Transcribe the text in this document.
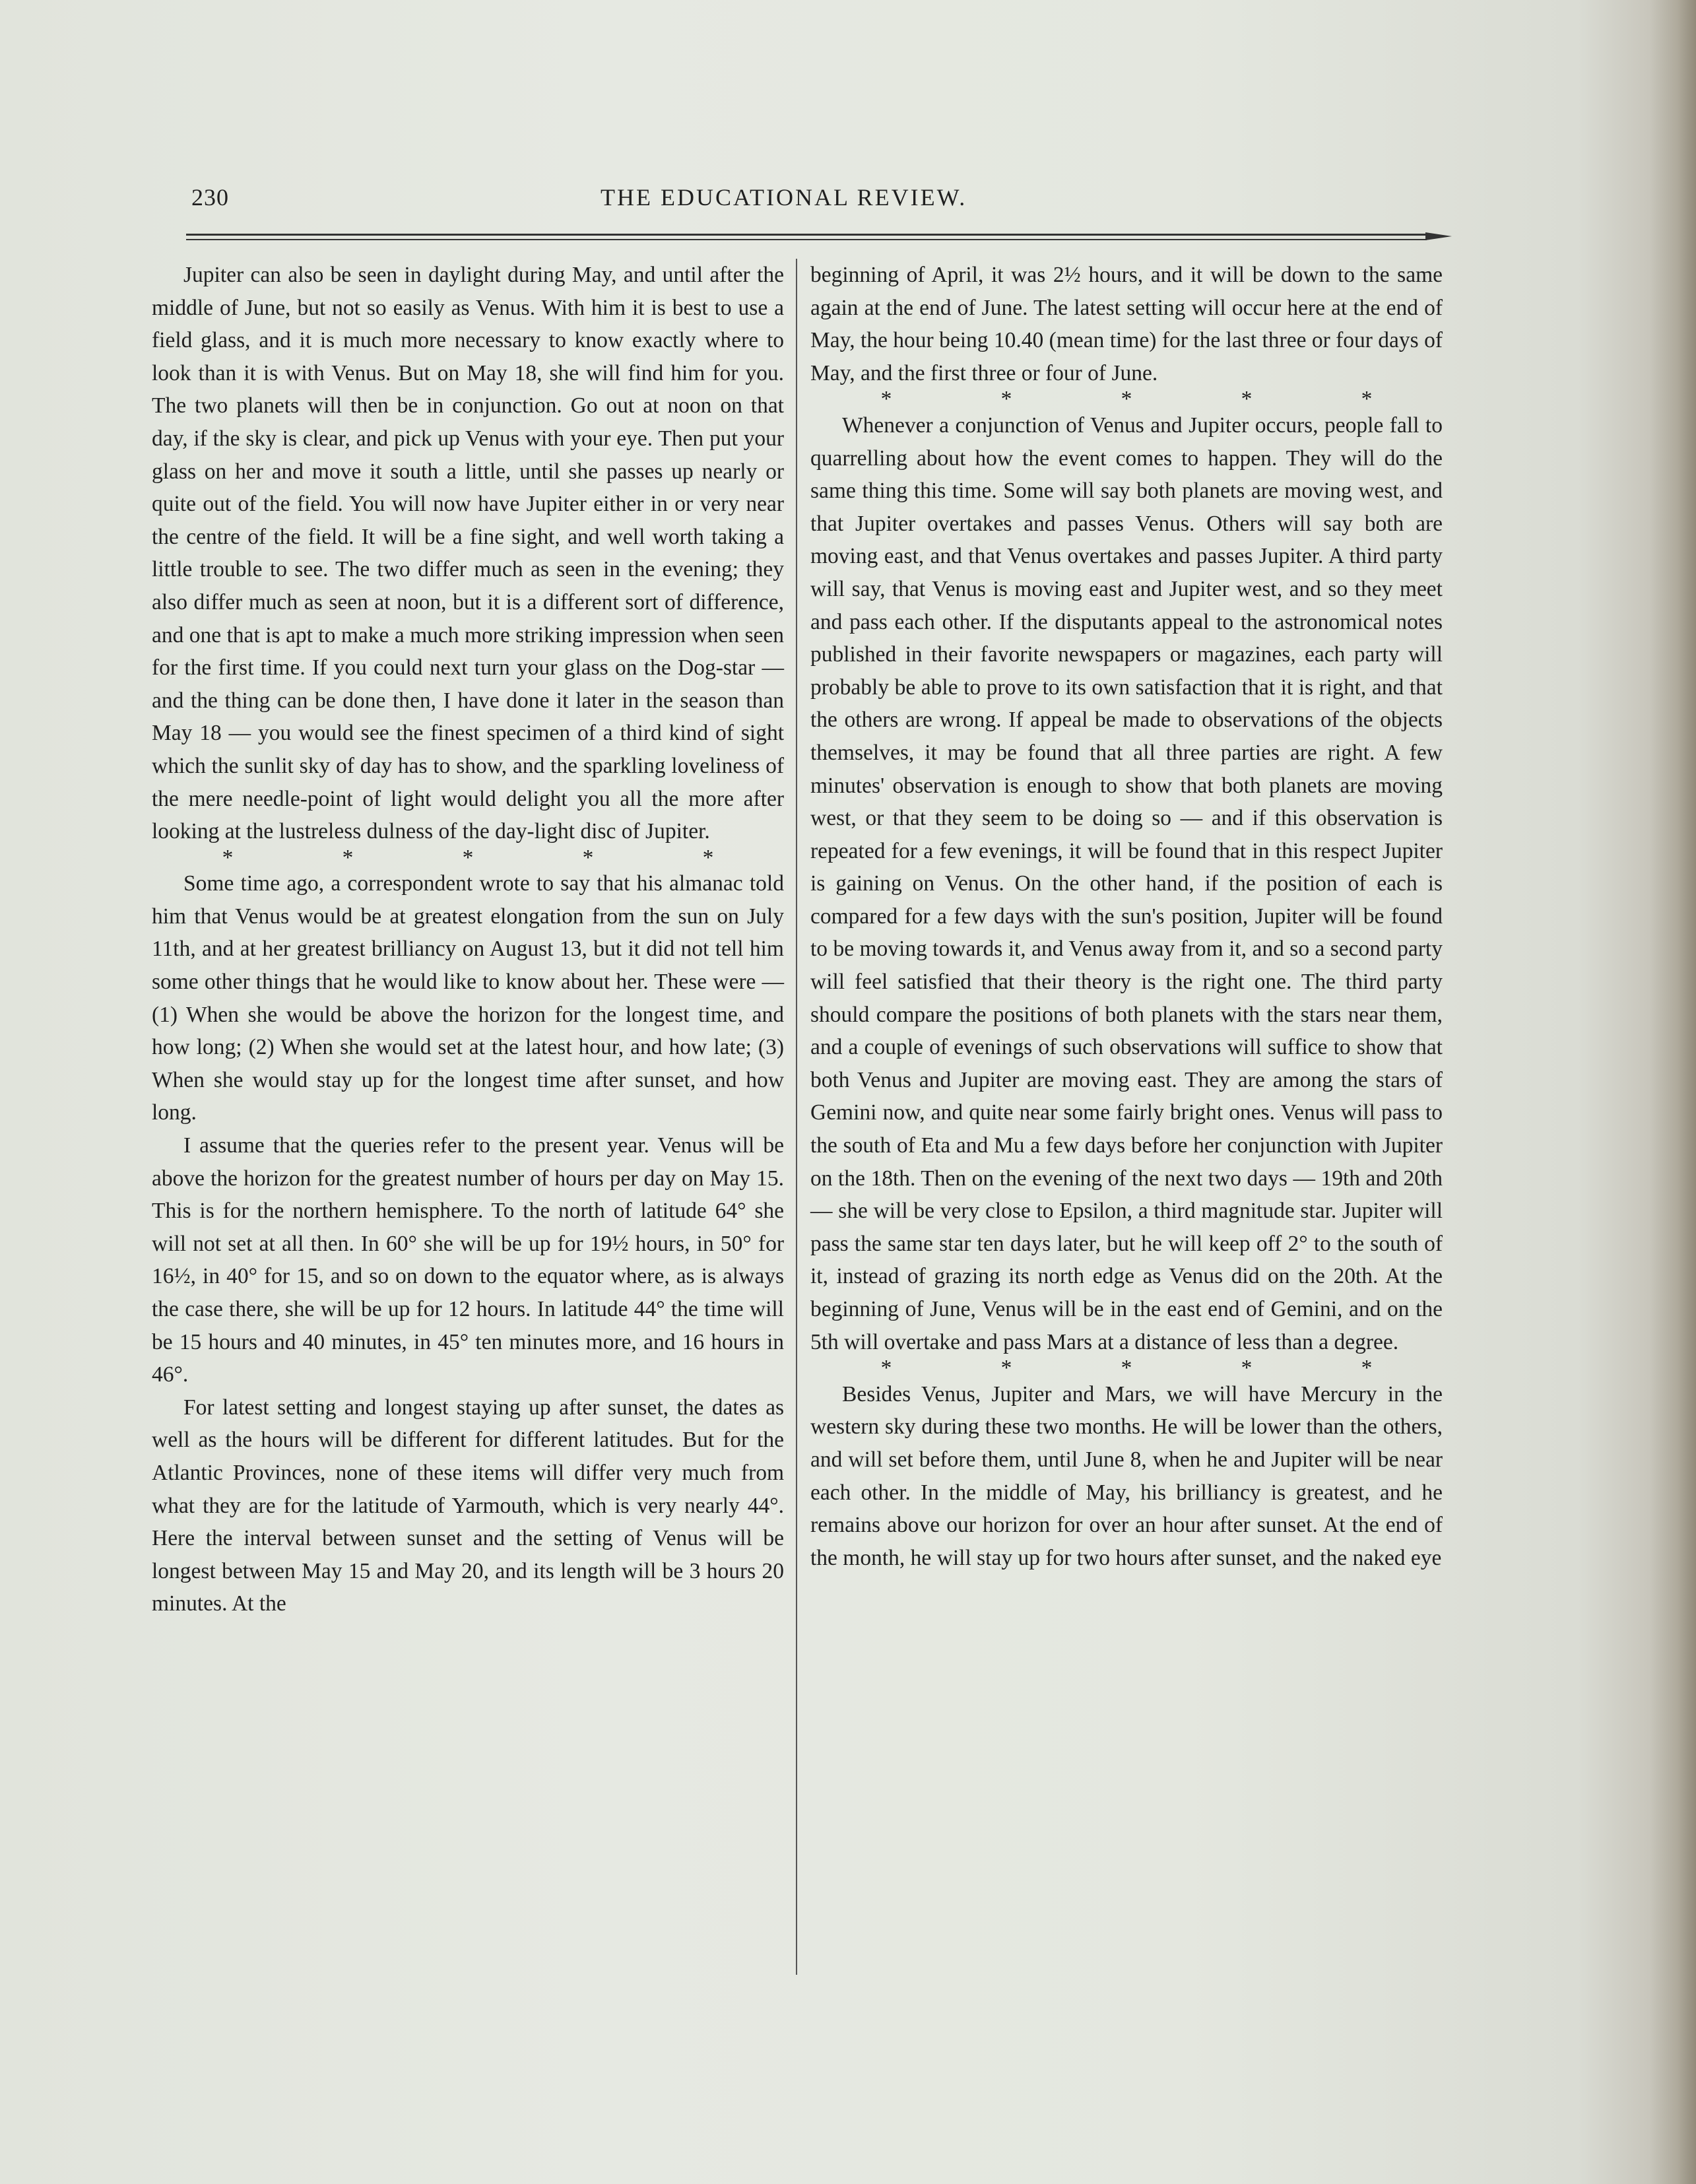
230	THE EDUCATIONAL REVIEW.

Jupiter can also be seen in daylight during May, and until after the middle of June, but not so easily as Venus. With him it is best to use a field glass, and it is much more necessary to know exactly where to look than it is with Venus. But on May 18, she will find him for you. The two planets will then be in conjunction. Go out at noon on that day, if the sky is clear, and pick up Venus with your eye. Then put your glass on her and move it south a little, until she passes up nearly or quite out of the field. You will now have Jupiter either in or very near the centre of the field. It will be a fine sight, and well worth taking a little trouble to see. The two differ much as seen in the evening; they also differ much as seen at noon, but it is a different sort of difference, and one that is apt to make a much more striking impression when seen for the first time. If you could next turn your glass on the Dog-star — and the thing can be done then, I have done it later in the season than May 18 — you would see the finest specimen of a third kind of sight which the sunlit sky of day has to show, and the sparkling loveliness of the mere needle-point of light would delight you all the more after looking at the lustreless dulness of the day-light disc of Jupiter.

*	*	*	*	*

Some time ago, a correspondent wrote to say that his almanac told him that Venus would be at greatest elongation from the sun on July 11th, and at her greatest brilliancy on August 13, but it did not tell him some other things that he would like to know about her. These were — (1) When she would be above the horizon for the longest time, and how long; (2) When she would set at the latest hour, and how late; (3) When she would stay up for the longest time after sunset, and how long.

I assume that the queries refer to the present year. Venus will be above the horizon for the greatest number of hours per day on May 15. This is for the northern hemisphere. To the north of latitude 64° she will not set at all then. In 60° she will be up for 19½ hours, in 50° for 16½, in 40° for 15, and so on down to the equator where, as is always the case there, she will be up for 12 hours. In latitude 44° the time will be 15 hours and 40 minutes, in 45° ten minutes more, and 16 hours in 46°.

For latest setting and longest staying up after sunset, the dates as well as the hours will be different for different latitudes. But for the Atlantic Provinces, none of these items will differ very much from what they are for the latitude of Yarmouth, which is very nearly 44°. Here the interval between sunset and the setting of Venus will be longest between May 15 and May 20, and its length will be 3 hours 20 minutes. At the

beginning of April, it was 2½ hours, and it will be down to the same again at the end of June. The latest setting will occur here at the end of May, the hour being 10.40 (mean time) for the last three or four days of May, and the first three or four of June.

*	*	*	*	*

Whenever a conjunction of Venus and Jupiter occurs, people fall to quarrelling about how the event comes to happen. They will do the same thing this time. Some will say both planets are moving west, and that Jupiter overtakes and passes Venus. Others will say both are moving east, and that Venus overtakes and passes Jupiter. A third party will say, that Venus is moving east and Jupiter west, and so they meet and pass each other. If the disputants appeal to the astronomical notes published in their favorite newspapers or magazines, each party will probably be able to prove to its own satisfaction that it is right, and that the others are wrong. If appeal be made to observations of the objects themselves, it may be found that all three parties are right. A few minutes' observation is enough to show that both planets are moving west, or that they seem to be doing so — and if this observation is repeated for a few evenings, it will be found that in this respect Jupiter is gaining on Venus. On the other hand, if the position of each is compared for a few days with the sun's position, Jupiter will be found to be moving towards it, and Venus away from it, and so a second party will feel satisfied that their theory is the right one. The third party should compare the positions of both planets with the stars near them, and a couple of evenings of such observations will suffice to show that both Venus and Jupiter are moving east. They are among the stars of Gemini now, and quite near some fairly bright ones. Venus will pass to the south of Eta and Mu a few days before her conjunction with Jupiter on the 18th. Then on the evening of the next two days — 19th and 20th — she will be very close to Epsilon, a third magnitude star. Jupiter will pass the same star ten days later, but he will keep off 2° to the south of it, instead of grazing its north edge as Venus did on the 20th. At the beginning of June, Venus will be in the east end of Gemini, and on the 5th will overtake and pass Mars at a distance of less than a degree.

*	*	*	*	*

Besides Venus, Jupiter and Mars, we will have Mercury in the western sky during these two months. He will be lower than the others, and will set before them, until June 8, when he and Jupiter will be near each other. In the middle of May, his brilliancy is greatest, and he remains above our horizon for over an hour after sunset. At the end of the month, he will stay up for two hours after sunset, and the naked eye
